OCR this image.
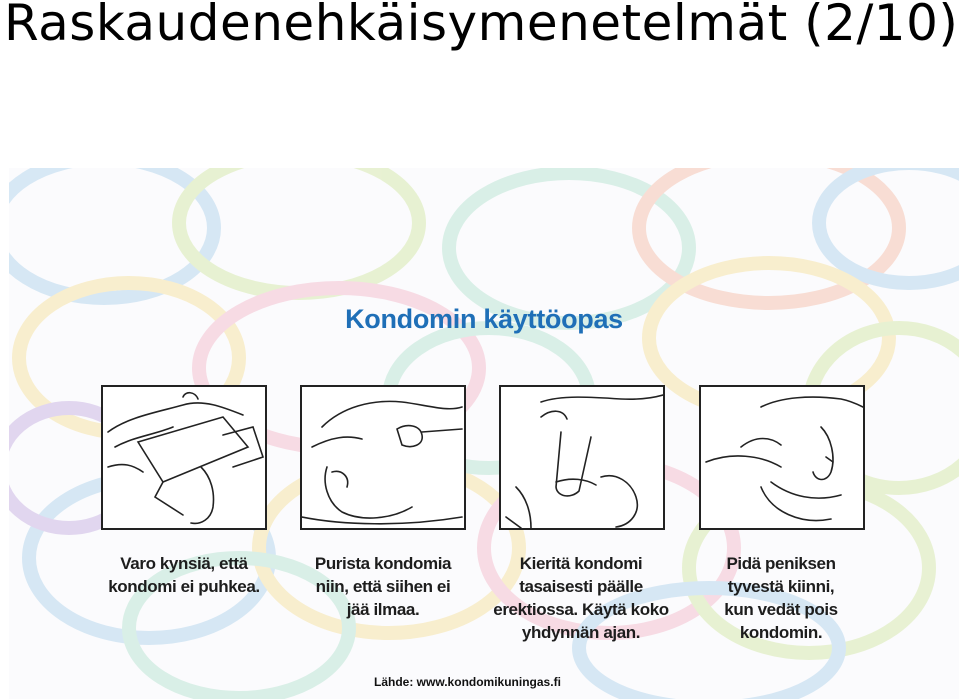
Raskaudenehkäisymenetelmät (2/10)
Kondomin käyttöopas
Varo kynsiä, että
kondomi ei puhkea.
Purista kondomia
niin, että siihen ei
jää ilmaa.
Kieritä kondomi
tasaisesti päälle
erektiossa. Käytä koko
yhdynnän ajan.
Pidä peniksen
tyvestä kiinni,
kun vedät pois
kondomin.
Lähde: www.kondomikuningas.fi
